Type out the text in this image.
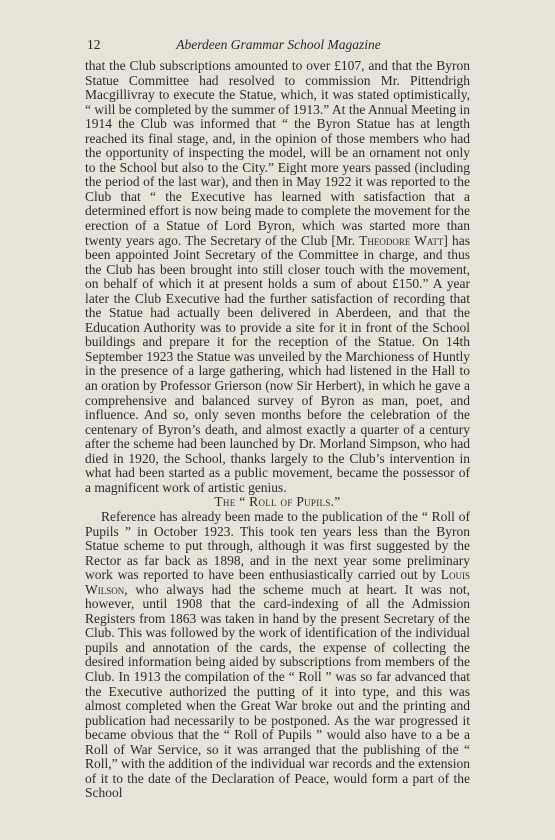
12	Aberdeen Grammar School Magazine

that the Club subscriptions amounted to over £107, and that the Byron Statue Committee had resolved to commission Mr. Pittendrigh Macgillivray to execute the Statue, which, it was stated optimistically, “ will be completed by the summer of 1913.” At the Annual Meeting in 1914 the Club was informed that “ the Byron Statue has at length reached its final stage, and, in the opinion of those members who had the opportunity of inspecting the model, will be an ornament not only to the School but also to the City.” Eight more years passed (including the period of the last war), and then in May 1922 it was reported to the Club that “ the Executive has learned with satisfaction that a determined effort is now being made to complete the movement for the erection of a Statue of Lord Byron, which was started more than twenty years ago. The Secretary of the Club [Mr. Theodore Watt] has been appointed Joint Secretary of the Committee in charge, and thus the Club has been brought into still closer touch with the movement, on behalf of which it at present holds a sum of about £150.” A year later the Club Executive had the further satisfaction of recording that the Statue had actually been delivered in Aberdeen, and that the Education Authority was to provide a site for it in front of the School buildings and prepare it for the reception of the Statue. On 14th September 1923 the Statue was unveiled by the Marchioness of Huntly in the presence of a large gathering, which had listened in the Hall to an oration by Professor Grierson (now Sir Herbert), in which he gave a comprehensive and balanced survey of Byron as man, poet, and influence. And so, only seven months before the celebration of the centenary of Byron’s death, and almost exactly a quarter of a century after the scheme had been launched by Dr. Morland Simpson, who had died in 1920, the School, thanks largely to the Club’s intervention in what had been started as a public movement, became the possessor of a magnificent work of artistic genius.

The “ Roll of Pupils.”

Reference has already been made to the publication of the “ Roll of Pupils ” in October 1923. This took ten years less than the Byron Statue scheme to put through, although it was first suggested by the Rector as far back as 1898, and in the next year some preliminary work was reported to have been enthusiastically carried out by Louis Wilson, who always had the scheme much at heart. It was not, however, until 1908 that the card-indexing of all the Admission Registers from 1863 was taken in hand by the present Secretary of the Club. This was followed by the work of identification of the individual pupils and annotation of the cards, the expense of collecting the desired information being aided by subscriptions from members of the Club. In 1913 the compilation of the “ Roll ” was so far advanced that the Executive authorized the putting of it into type, and this was almost completed when the Great War broke out and the printing and publication had necessarily to be postponed. As the war progressed it became obvious that the “ Roll of Pupils ” would also have to a be a Roll of War Service, so it was arranged that the publishing of the “ Roll,” with the addition of the individual war records and the extension of it to the date of the Declaration of Peace, would form a part of the School
